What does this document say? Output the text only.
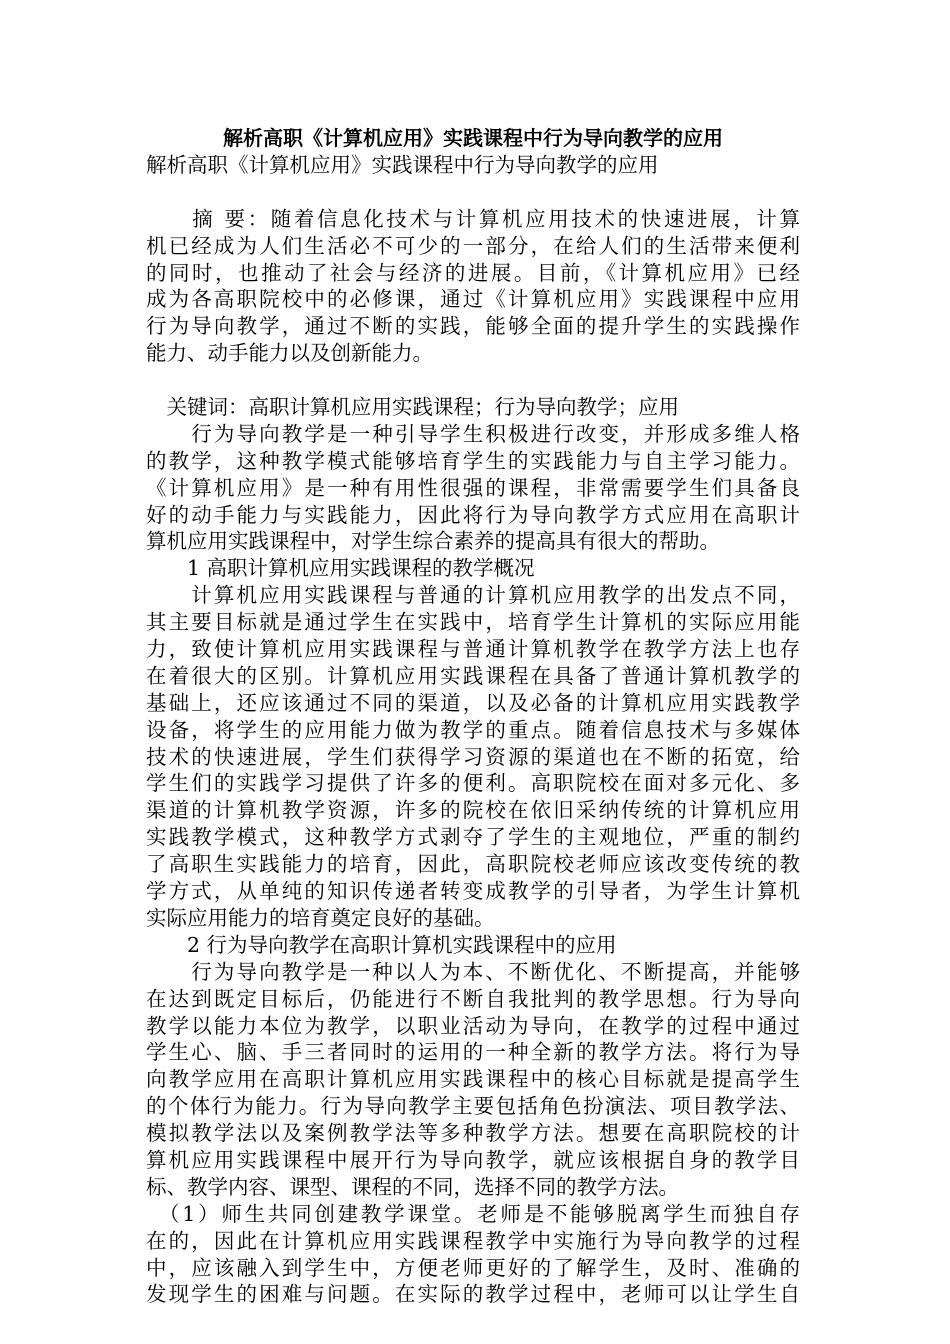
解析高职《计算机应用》实践课程中行为导向教学的应用
解析高职《计算机应用》实践课程中行为导向教学的应用
　　摘 要：随着信息化技术与计算机应用技术的快速进展，计算
机已经成为人们生活必不可少的一部分，在给人们的生活带来便利
的同时，也推动了社会与经济的进展。目前，《计算机应用》已经
成为各高职院校中的必修课，通过《计算机应用》实践课程中应用
行为导向教学，通过不断的实践，能够全面的提升学生的实践操作
能力、动手能力以及创新能力。
　关键词：高职计算机应用实践课程；行为导向教学；应用
　　行为导向教学是一种引导学生积极进行改变，并形成多维人格
的教学，这种教学模式能够培育学生的实践能力与自主学习能力。
《计算机应用》是一种有用性很强的课程，非常需要学生们具备良
好的动手能力与实践能力，因此将行为导向教学方式应用在高职计
算机应用实践课程中，对学生综合素养的提高具有很大的帮助。
　　1 高职计算机应用实践课程的教学概况
　　计算机应用实践课程与普通的计算机应用教学的出发点不同，
其主要目标就是通过学生在实践中，培育学生计算机的实际应用能
力，致使计算机应用实践课程与普通计算机教学在教学方法上也存
在着很大的区别。计算机应用实践课程在具备了普通计算机教学的
基础上，还应该通过不同的渠道，以及必备的计算机应用实践教学
设备，将学生的应用能力做为教学的重点。随着信息技术与多媒体
技术的快速进展，学生们获得学习资源的渠道也在不断的拓宽，给
学生们的实践学习提供了许多的便利。高职院校在面对多元化、多
渠道的计算机教学资源，许多的院校在依旧采纳传统的计算机应用
实践教学模式，这种教学方式剥夺了学生的主观地位，严重的制约
了高职生实践能力的培育，因此，高职院校老师应该改变传统的教
学方式，从单纯的知识传递者转变成教学的引导者，为学生计算机
实际应用能力的培育奠定良好的基础。
　　2 行为导向教学在高职计算机实践课程中的应用
　　行为导向教学是一种以人为本、不断优化、不断提高，并能够
在达到既定目标后，仍能进行不断自我批判的教学思想。行为导向
教学以能力本位为教学，以职业活动为导向，在教学的过程中通过
学生心、脑、手三者同时的运用的一种全新的教学方法。将行为导
向教学应用在高职计算机应用实践课程中的核心目标就是提高学生
的个体行为能力。行为导向教学主要包括角色扮演法、项目教学法、
模拟教学法以及案例教学法等多种教学方法。想要在高职院校的计
算机应用实践课程中展开行为导向教学，就应该根据自身的教学目
标、教学内容、课型、课程的不同，选择不同的教学方法。
　（1）师生共同创建教学课堂。老师是不能够脱离学生而独自存
在的，因此在计算机应用实践课程教学中实施行为导向教学的过程
中，应该融入到学生中，方便老师更好的了解学生，及时、准确的
发现学生的困难与问题。在实际的教学过程中，老师可以让学生自
